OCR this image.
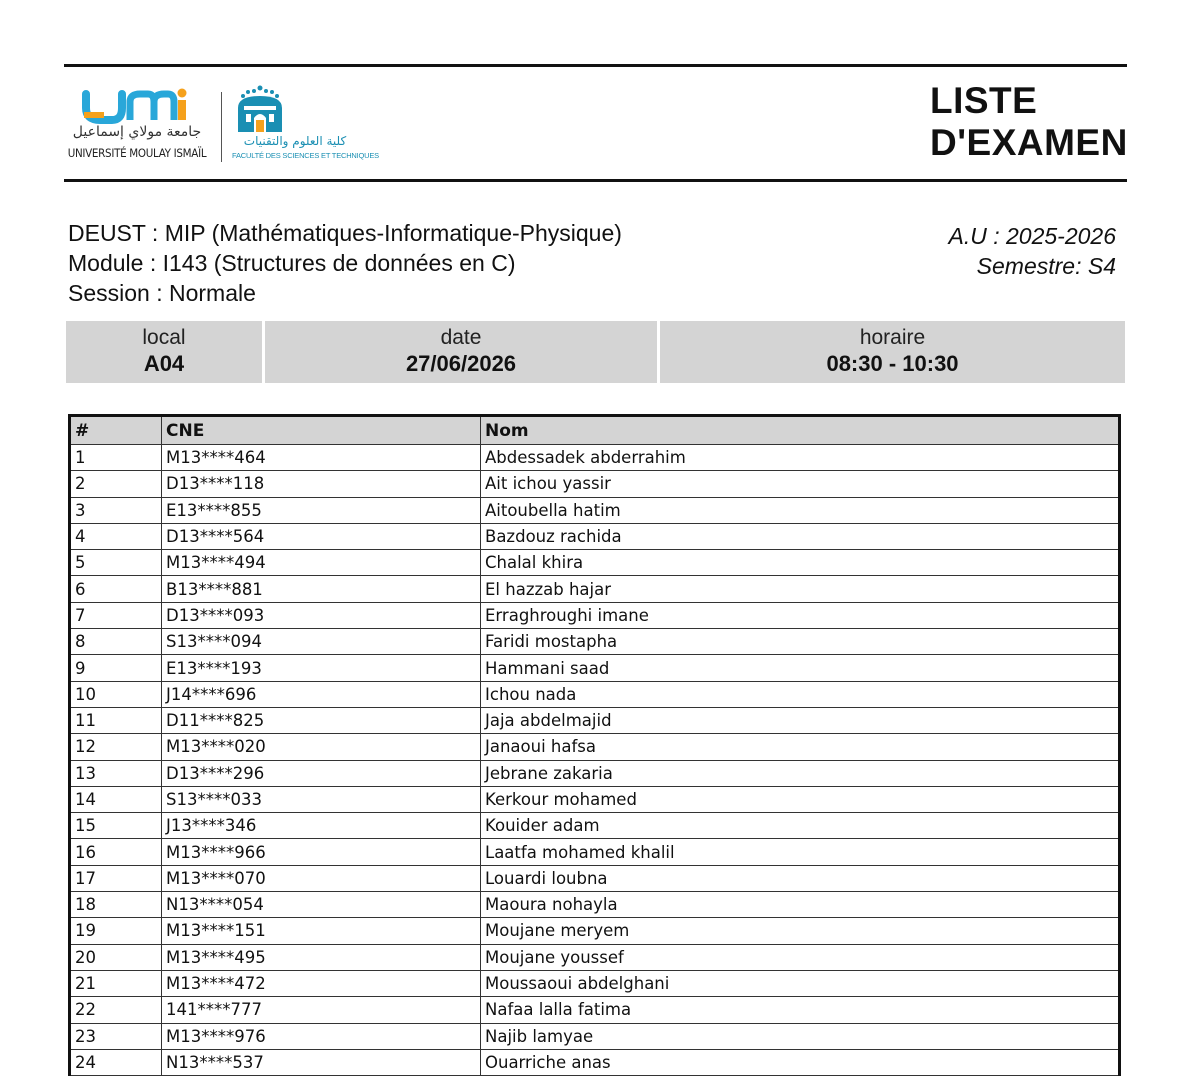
جامعة مولاي إسماعيل
UNIVERSITÉ MOULAY ISMAÏL
كلية العلوم والتقنيات
FACULTÉ DES SCIENCES ET TECHNIQUES
LISTE
D'EXAMEN
DEUST : MIP (Mathématiques-Informatique-Physique)
Module : I143 (Structures de données en C)
Session : Normale
A.U : 2025-2026
Semestre: S4
local
A04
date
27/06/2026
horaire
08:30 - 10:30
#	CNE	Nom
1	M13****464	Abdessadek abderrahim
2	D13****118	Ait ichou yassir
3	E13****855	Aitoubella hatim
4	D13****564	Bazdouz rachida
5	M13****494	Chalal khira
6	B13****881	El hazzab hajar
7	D13****093	Erraghroughi imane
8	S13****094	Faridi mostapha
9	E13****193	Hammani saad
10	J14****696	Ichou nada
11	D11****825	Jaja abdelmajid
12	M13****020	Janaoui hafsa
13	D13****296	Jebrane zakaria
14	S13****033	Kerkour mohamed
15	J13****346	Kouider adam
16	M13****966	Laatfa mohamed khalil
17	M13****070	Louardi loubna
18	N13****054	Maoura nohayla
19	M13****151	Moujane meryem
20	M13****495	Moujane youssef
21	M13****472	Moussaoui abdelghani
22	141****777	Nafaa lalla fatima
23	M13****976	Najib lamyae
24	N13****537	Ouarriche anas
